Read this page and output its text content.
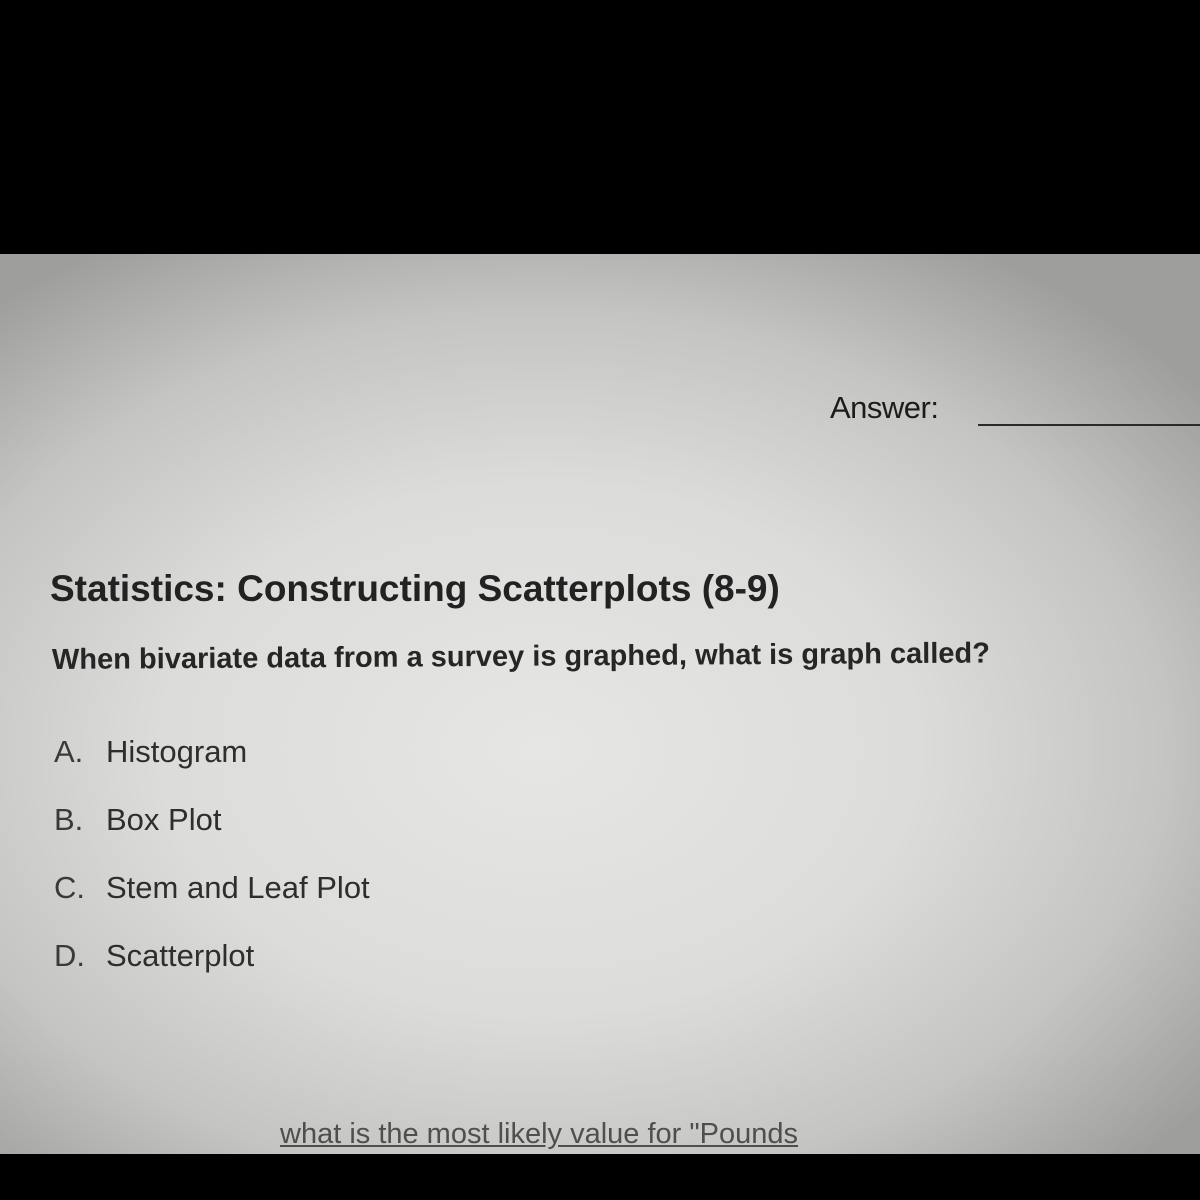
Answer:
Statistics: Constructing Scatterplots (8-9)
When bivariate data from a survey is graphed, what is graph called?
A. Histogram
B. Box Plot
C. Stem and Leaf Plot
D. Scatterplot
what is the most likely value for "Pounds
